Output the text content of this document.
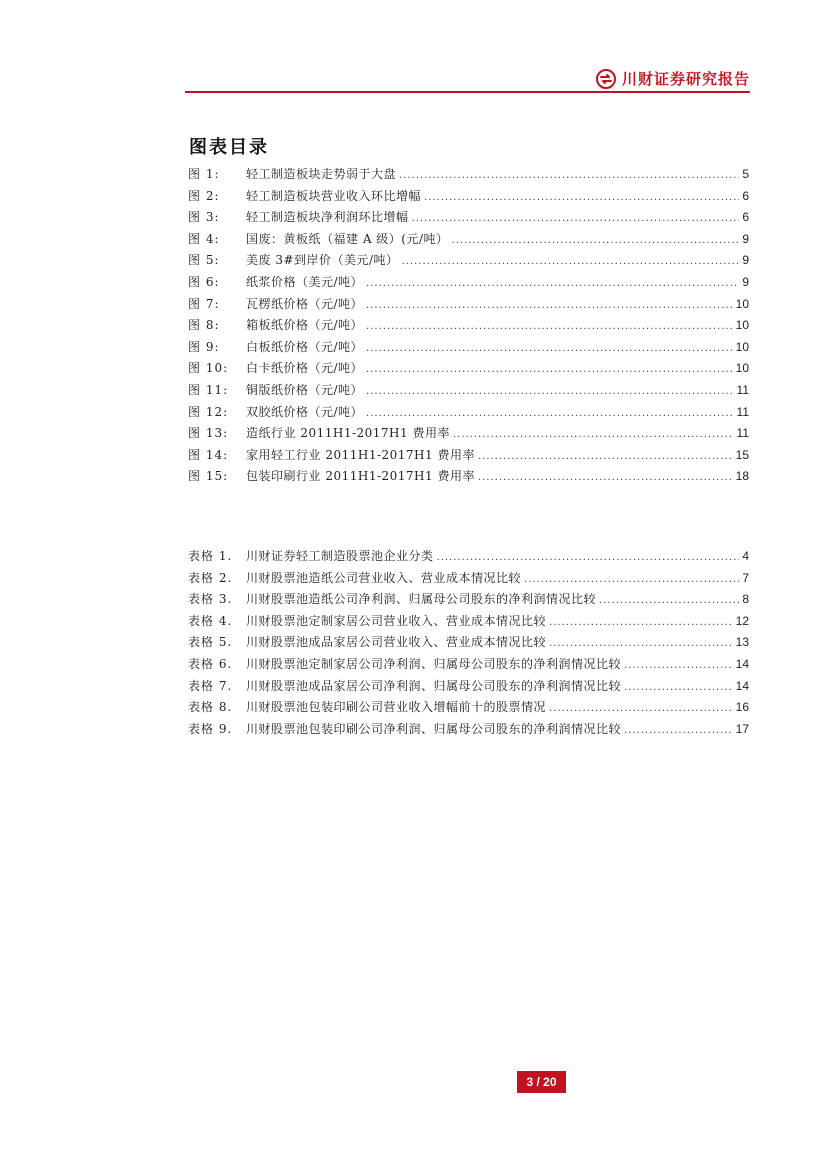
川财证券研究报告
图表目录
图 1:	轻工制造板块走势弱于大盘 .....	5
图 2:	轻工制造板块营业收入环比增幅 .....	6
图 3:	轻工制造板块净利润环比增幅 .....	6
图 4:	国废：黄板纸（福建 A 级）(元/吨） .....	9
图 5:	美废 3#到岸价（美元/吨） .....	9
图 6:	纸浆价格（美元/吨） .....	9
图 7:	瓦楞纸价格（元/吨） .....	10
图 8:	箱板纸价格（元/吨） .....	10
图 9:	白板纸价格（元/吨） .....	10
图 10:	白卡纸价格（元/吨） .....	10
图 11:	铜版纸价格（元/吨） .....	11
图 12:	双胶纸价格（元/吨） .....	11
图 13:	造纸行业 2011H1-2017H1 费用率 .....	11
图 14:	家用轻工行业 2011H1-2017H1 费用率 .....	15
图 15:	包装印刷行业 2011H1-2017H1 费用率 .....	18
表格 1.	川财证券轻工制造股票池企业分类 .....	4
表格 2.	川财股票池造纸公司营业收入、营业成本情况比较 .....	7
表格 3.	川财股票池造纸公司净利润、归属母公司股东的净利润情况比较 .....	8
表格 4.	川财股票池定制家居公司营业收入、营业成本情况比较 .....	12
表格 5.	川财股票池成品家居公司营业收入、营业成本情况比较 .....	13
表格 6.	川财股票池定制家居公司净利润、归属母公司股东的净利润情况比较 .....	14
表格 7.	川财股票池成品家居公司净利润、归属母公司股东的净利润情况比较 .....	14
表格 8.	川财股票池包装印刷公司营业收入增幅前十的股票情况 .....	16
表格 9.	川财股票池包装印刷公司净利润、归属母公司股东的净利润情况比较 .....	17
3 / 20
